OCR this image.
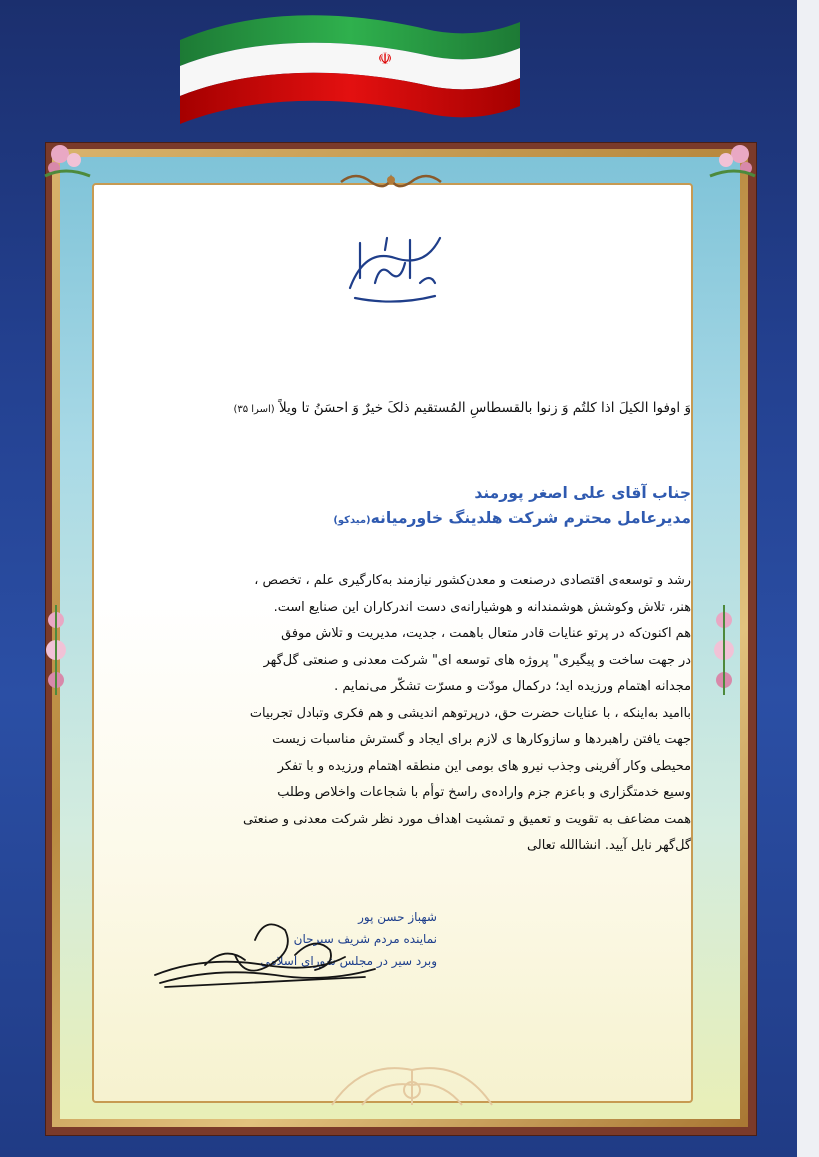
☫
وَ اوفوا الکیلَ اذا کلتُم وَ زنوا بالقسطاسِ المُستقیم ذلکَ خیرٌ وَ احسَنُ تا ویلاً (اسرا ۳۵)
جناب آقای علی اصغر پورمند
مدیرعامل محترم شرکت هلدینگ خاورمیانه(میدکو)

رشد و توسعه‌ی اقتصادی درصنعت و معدن‌کشور نیازمند به‌کارگیری علم ، تخصص ،

هنر، تلاش وکوشش هوشمندانه و هوشیارانه‌ی دست اندرکاران این صنایع است.

هم اکنون‌که در پرتو عنایات قادر متعال باهمت ، جدیت، مدیریت و تلاش موفق

در جهت ساخت و پیگیری" پروژه های توسعه ای" شرکت معدنی و صنعتی گل‌گهر

مجدانه اهتمام ورزیده اید؛ درکمال مودّت و مسرّت تشکّر می‌نمایم .

باامید به‌اینکه ، با عنایات حضرت حق، درپرتوهم اندیشی و هم فکری وتبادل تجربیات

جهت یافتن راهبردها و سازوکارها ی لازم برای ایجاد و گسترش مناسبات زیست

محیطی وکار آفرینی وجذب نیرو های بومی این منطقه اهتمام ورزیده و با تفکر

وسیع خدمتگزاری و باعزم جزم واراده‌ی راسخ توأم با شجاعات واخلاص وطلب

همت مضاعف به تقویت و تعمیق و تمشیت اهداف مورد نظر شرکت معدنی و صنعتی

گل‌گهر نایل آیید. انشاالله تعالی

شهباز حسن پور
نماینده مردم شریف سیرجان
وبرد سیر در مجلس شورای اسلامی
